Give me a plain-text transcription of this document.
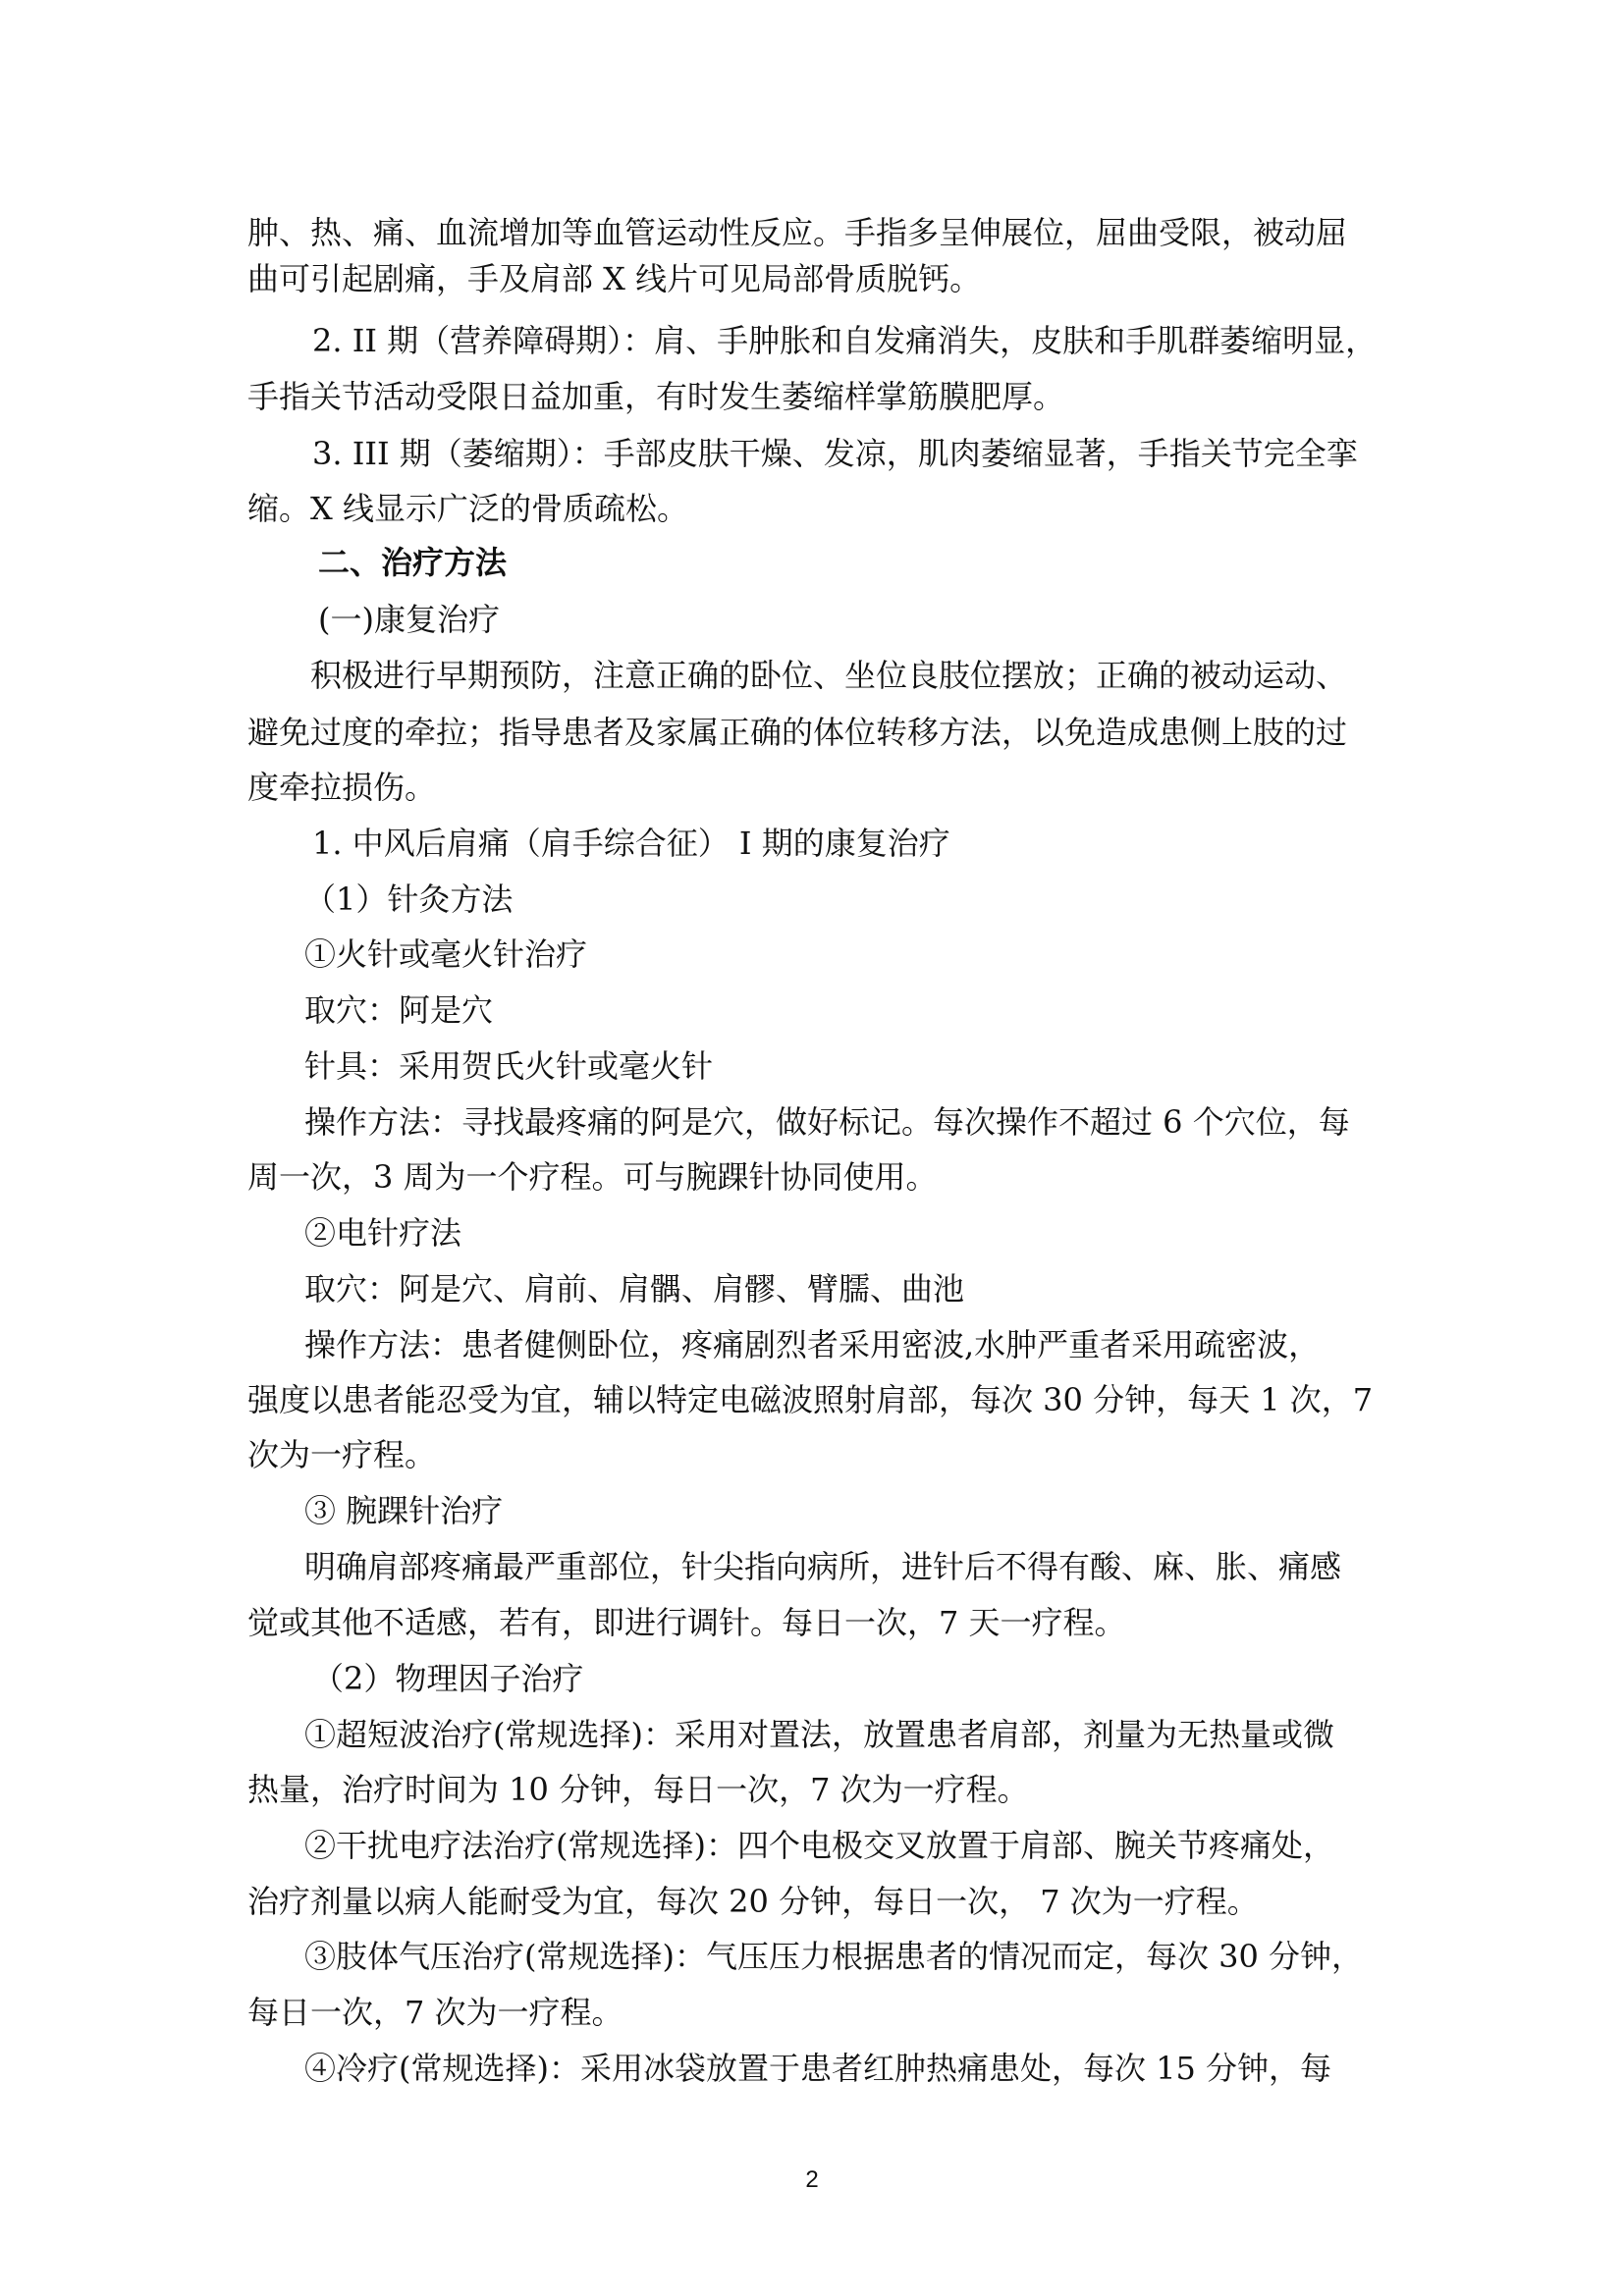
肿、热、痛、血流增加等血管运动性反应。手指多呈伸展位，屈曲受限，被动屈
曲可引起剧痛，手及肩部 X 线片可见局部骨质脱钙。
2. II 期（营养障碍期）：肩、手肿胀和自发痛消失，皮肤和手肌群萎缩明显，
手指关节活动受限日益加重，有时发生萎缩样掌筋膜肥厚。
3. III 期（萎缩期）：手部皮肤干燥、发凉，肌肉萎缩显著，手指关节完全挛
缩。X 线显示广泛的骨质疏松。
二、治疗方法
(一)康复治疗
积极进行早期预防，注意正确的卧位、坐位良肢位摆放；正确的被动运动、
避免过度的牵拉；指导患者及家属正确的体位转移方法，以免造成患侧上肢的过
度牵拉损伤。
1. 中风后肩痛（肩手综合征） I 期的康复治疗
（1）针灸方法
①火针或毫火针治疗
取穴：阿是穴
针具：采用贺氏火针或毫火针
操作方法：寻找最疼痛的阿是穴，做好标记。每次操作不超过 6 个穴位，每
周一次，3 周为一个疗程。可与腕踝针协同使用。
②电针疗法
取穴：阿是穴、肩前、肩髃、肩髎、臂臑、曲池
操作方法：患者健侧卧位，疼痛剧烈者采用密波,水肿严重者采用疏密波，
强度以患者能忍受为宜，辅以特定电磁波照射肩部，每次 30 分钟，每天 1 次，7
次为一疗程。
③ 腕踝针治疗
明确肩部疼痛最严重部位，针尖指向病所，进针后不得有酸、麻、胀、痛感
觉或其他不适感，若有，即进行调针。每日一次，7 天一疗程。
（2）物理因子治疗
①超短波治疗(常规选择)：采用对置法，放置患者肩部，剂量为无热量或微
热量，治疗时间为 10 分钟，每日一次，7 次为一疗程。
②干扰电疗法治疗(常规选择)：四个电极交叉放置于肩部、腕关节疼痛处，
治疗剂量以病人能耐受为宜，每次 20 分钟，每日一次， 7 次为一疗程。
③肢体气压治疗(常规选择)：气压压力根据患者的情况而定，每次 30 分钟，
每日一次，7 次为一疗程。
④冷疗(常规选择)：采用冰袋放置于患者红肿热痛患处，每次 15 分钟，每
2
